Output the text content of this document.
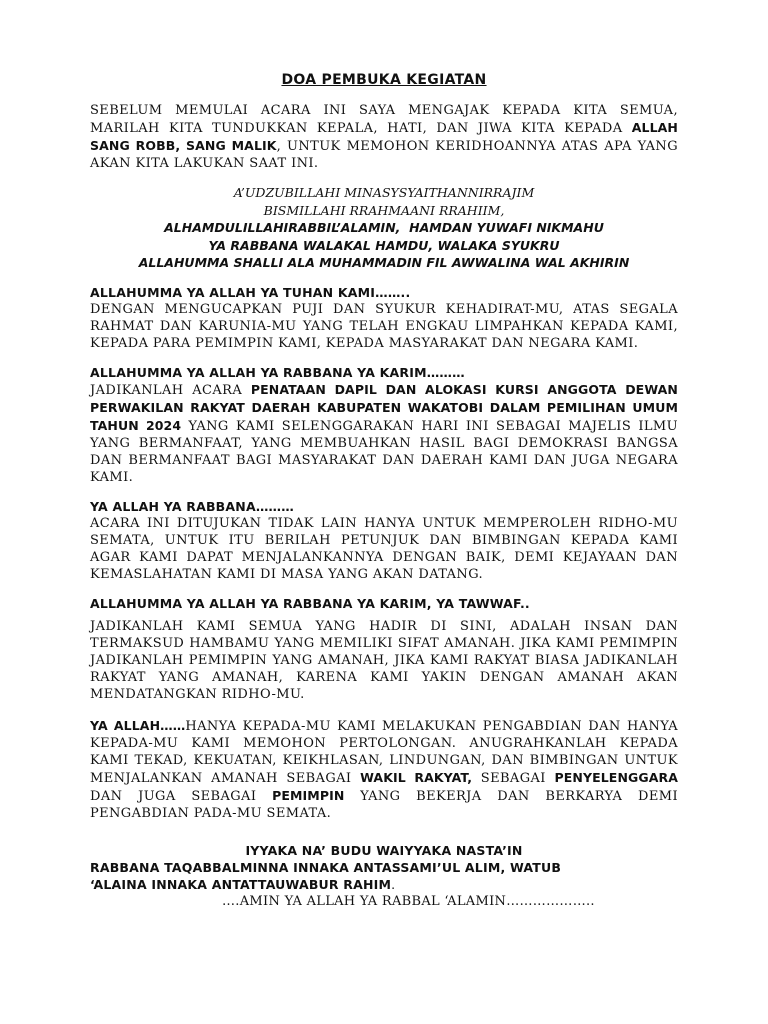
DOA PEMBUKA KEGIATAN

SEBELUM MEMULAI ACARA INI SAYA MENGAJAK KEPADA KITA SEMUA, MARILAH KITA TUNDUKKAN KEPALA, HATI, DAN JIWA KITA KEPADA ALLAH SANG ROBB, SANG MALIK, UNTUK MEMOHON KERIDHOANNYA ATAS APA YANG AKAN KITA LAKUKAN SAAT INI.

A’UDZUBILLAHI MINASYSYAITHANNIRRAJIM
BISMILLAHI RRAHMAANI RRAHIIM,
ALHAMDULILLAHIRABBIL’ALAMIN,  HAMDAN YUWAFI NIKMAHU
YA RABBANA WALAKAL HAMDU, WALAKA SYUKRU
ALLAHUMMA SHALLI ALA MUHAMMADIN FIL AWWALINA WAL AKHIRIN
ALLAHUMMA YA ALLAH YA TUHAN KAMI……..

DENGAN MENGUCAPKAN PUJI DAN SYUKUR KEHADIRAT-MU, ATAS SEGALA RAHMAT DAN KARUNIA-MU YANG TELAH ENGKAU LIMPAHKAN KEPADA KAMI, KEPADA PARA PEMIMPIN KAMI, KEPADA MASYARAKAT DAN NEGARA KAMI.

ALLAHUMMA YA ALLAH YA RABBANA YA KARIM………

JADIKANLAH ACARA PENATAAN DAPIL DAN ALOKASI KURSI ANGGOTA DEWAN PERWAKILAN RAKYAT DAERAH KABUPATEN WAKATOBI DALAM PEMILIHAN UMUM TAHUN 2024 YANG KAMI SELENGGARAKAN HARI INI SEBAGAI MAJELIS ILMU YANG BERMANFAAT, YANG MEMBUAHKAN HASIL BAGI DEMOKRASI BANGSA DAN BERMANFAAT BAGI MASYARAKAT DAN DAERAH KAMI DAN JUGA NEGARA KAMI.

YA ALLAH YA RABBANA………

ACARA INI DITUJUKAN TIDAK LAIN HANYA UNTUK MEMPEROLEH RIDHO-MU SEMATA, UNTUK ITU BERILAH PETUNJUK DAN BIMBINGAN KEPADA KAMI AGAR KAMI DAPAT MENJALANKANNYA DENGAN BAIK, DEMI KEJAYAAN DAN KEMASLAHATAN KAMI DI MASA YANG AKAN DATANG.

ALLAHUMMA YA ALLAH YA RABBANA YA KARIM, YA TAWWAF..

JADIKANLAH KAMI SEMUA YANG HADIR DI SINI, ADALAH INSAN DAN TERMAKSUD HAMBAMU YANG MEMILIKI SIFAT AMANAH. JIKA KAMI PEMIMPIN JADIKANLAH PEMIMPIN YANG AMANAH, JIKA KAMI RAKYAT BIASA JADIKANLAH RAKYAT YANG AMANAH, KARENA KAMI YAKIN DENGAN AMANAH AKAN MENDATANGKAN RIDHO-MU.

YA ALLAH……HANYA KEPADA-MU KAMI MELAKUKAN PENGABDIAN DAN HANYA KEPADA-MU KAMI MEMOHON PERTOLONGAN. ANUGRAHKANLAH KEPADA KAMI TEKAD, KEKUATAN, KEIKHLASAN, LINDUNGAN, DAN BIMBINGAN UNTUK MENJALANKAN AMANAH SEBAGAI WAKIL RAKYAT, SEBAGAI PENYELENGGARA DAN JUGA SEBAGAI PEMIMPIN YANG BEKERJA DAN BERKARYA DEMI PENGABDIAN PADA-MU SEMATA.

IYYAKA NA’ BUDU WAIYYAKA NASTA’IN
RABBANA TAQABBALMINNA INNAKA ANTASSAMI’UL ALIM, WATUB
‘ALAINA INNAKA ANTATTAUWABUR RAHIM.
….AMIN YA ALLAH YA RABBAL ‘ALAMIN………………..
